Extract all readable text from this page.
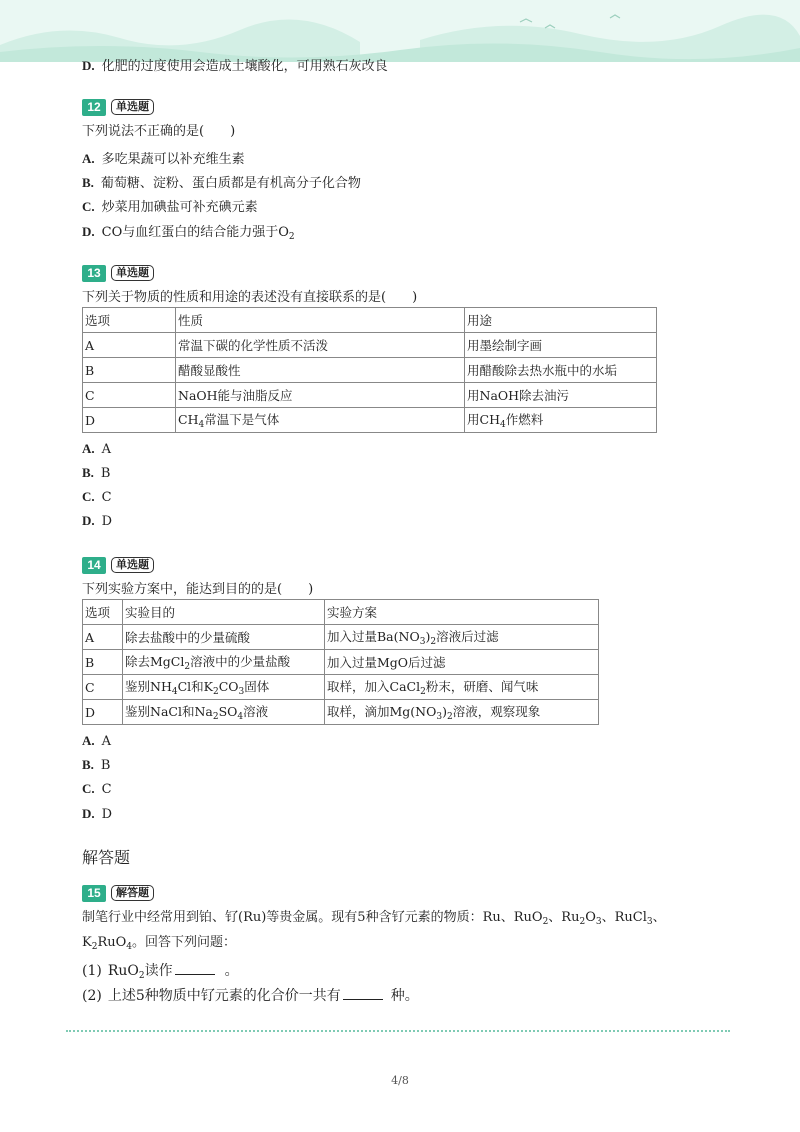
D. 化肥的过度使用会造成土壤酸化，可用熟石灰改良
12	单选题
下列说法不正确的是(　　)
A. 多吃果蔬可以补充维生素
B. 葡萄糖、淀粉、蛋白质都是有机高分子化合物
C. 炒菜用加碘盐可补充碘元素
D. CO与血红蛋白的结合能力强于$O_2$
13	单选题
下列关于物质的性质和用途的表述没有直接联系的是(　　)
选项	性质	用途
A	常温下碳的化学性质不活泼	用墨绘制字画
B	醋酸显酸性	用醋酸除去热水瓶中的水垢
C	NaOH能与油脂反应	用NaOH除去油污
D	$CH_4$常温下是气体	用$CH_4$作燃料
A. A
B. B
C. C
D. D
14	单选题
下列实验方案中，能达到目的的是(　　)
选项	实验目的	实验方案
A	除去盐酸中的少量硫酸	加入过量$Ba(NO_3)_2$溶液后过滤
B	除去MgCl$_2$溶液中的少量盐酸	加入过量MgO后过滤
C	鉴别$NH_4Cl$和$K_2CO_3$固体	取样，加入CaCl$_2$粉末，研磨、闻气味
D	鉴别NaCl和$Na_2SO_4$溶液	取样，滴加$Mg(NO_3)_2$溶液，观察现象
A. A
B. B
C. C
D. D
解答题
15	解答题
制笔行业中经常用到铂、钌(Ru)等贵金属。现有5种含钌元素的物质：Ru、RuO$_2$、$Ru_2O_3$、RuCl$_3$、
$K_2RuO_4$。回答下列问题：
(1) RuO$_2$读作	。
(2) 上述5种物质中钌元素的化合价一共有	种。
4/8
